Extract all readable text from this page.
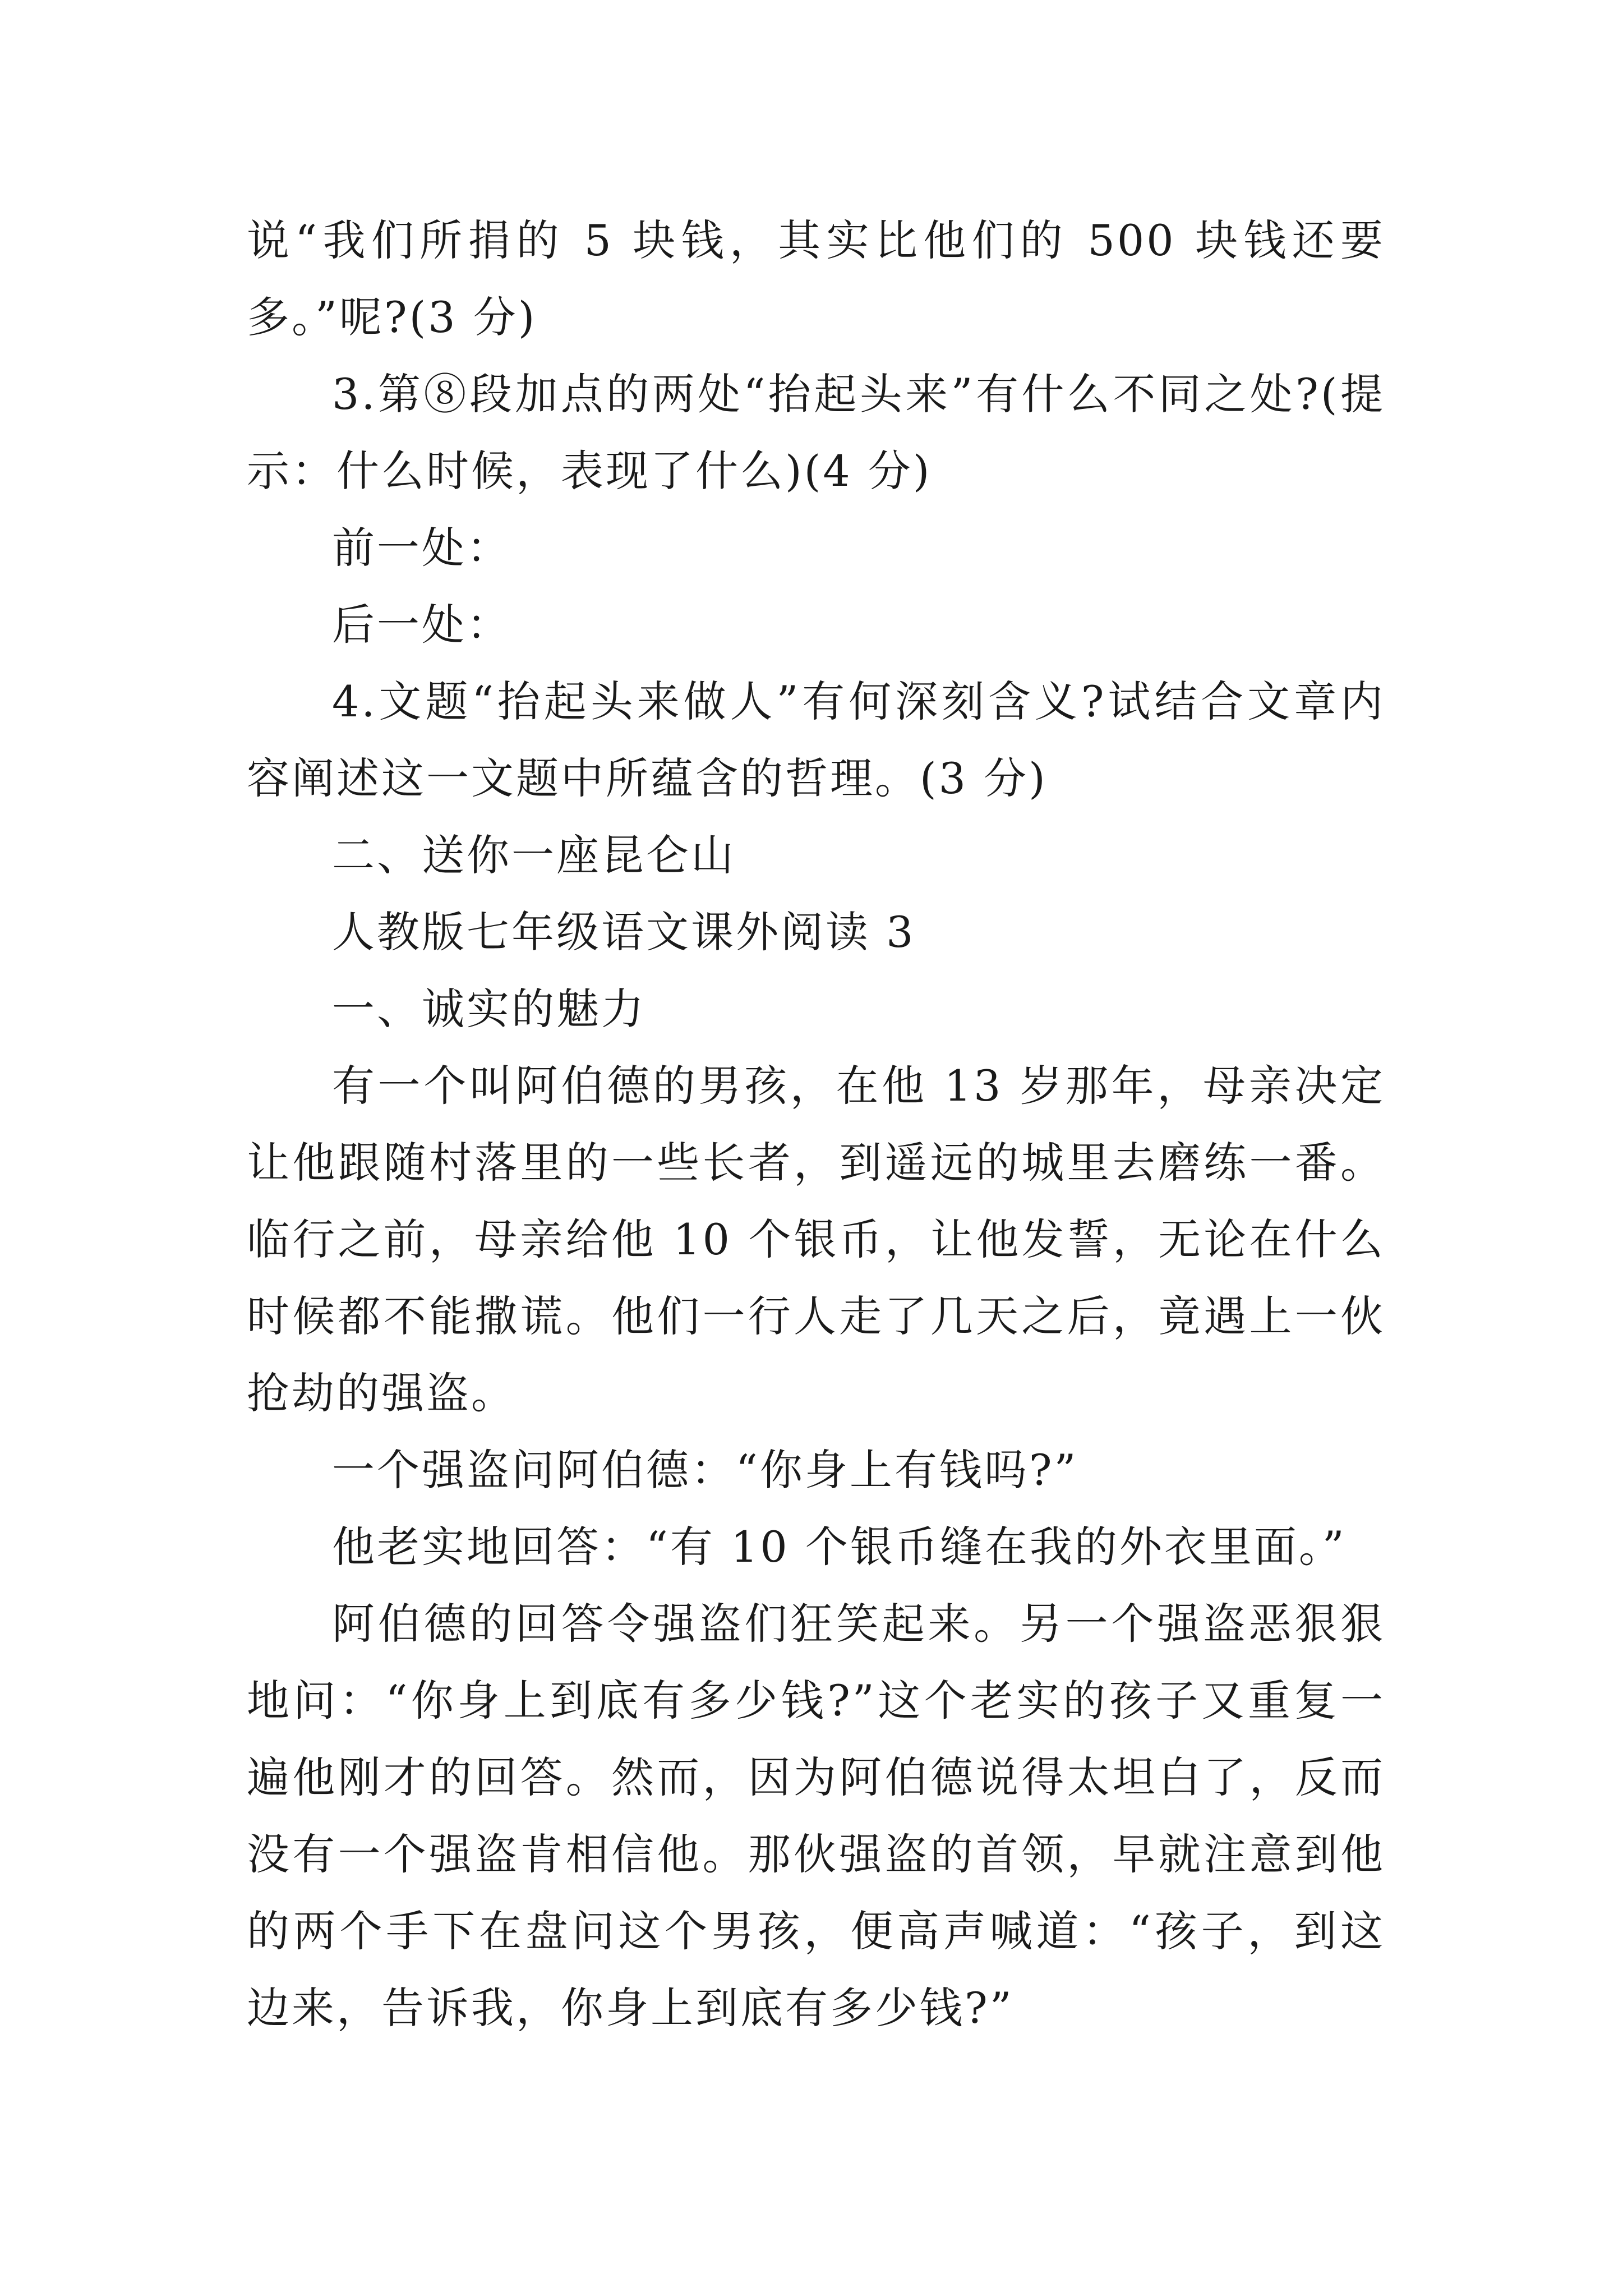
说“我们所捐的 5 块钱，其实比他们的 500 块钱还要多。”呢?(3 分)

3.第⑧段加点的两处“抬起头来”有什么不同之处?(提示：什么时候，表现了什么)(4 分)

前一处：

后一处：

4.文题“抬起头来做人”有何深刻含义?试结合文章内容阐述这一文题中所蕴含的哲理。(3 分)

二、送你一座昆仑山

人教版七年级语文课外阅读 3

一、诚实的魅力

有一个叫阿伯德的男孩，在他 13 岁那年，母亲决定让他跟随村落里的一些长者，到遥远的城里去磨练一番。临行之前，母亲给他 10 个银币，让他发誓，无论在什么时候都不能撒谎。他们一行人走了几天之后，竟遇上一伙抢劫的强盗。

一个强盗问阿伯德：“你身上有钱吗?”

他老实地回答：“有 10 个银币缝在我的外衣里面。”

阿伯德的回答令强盗们狂笑起来。另一个强盗恶狠狠地问：“你身上到底有多少钱?”这个老实的孩子又重复一遍他刚才的回答。然而，因为阿伯德说得太坦白了，反而没有一个强盗肯相信他。那伙强盗的首领，早就注意到他的两个手下在盘问这个男孩，便高声喊道：“孩子，到这边来，告诉我，你身上到底有多少钱?”
